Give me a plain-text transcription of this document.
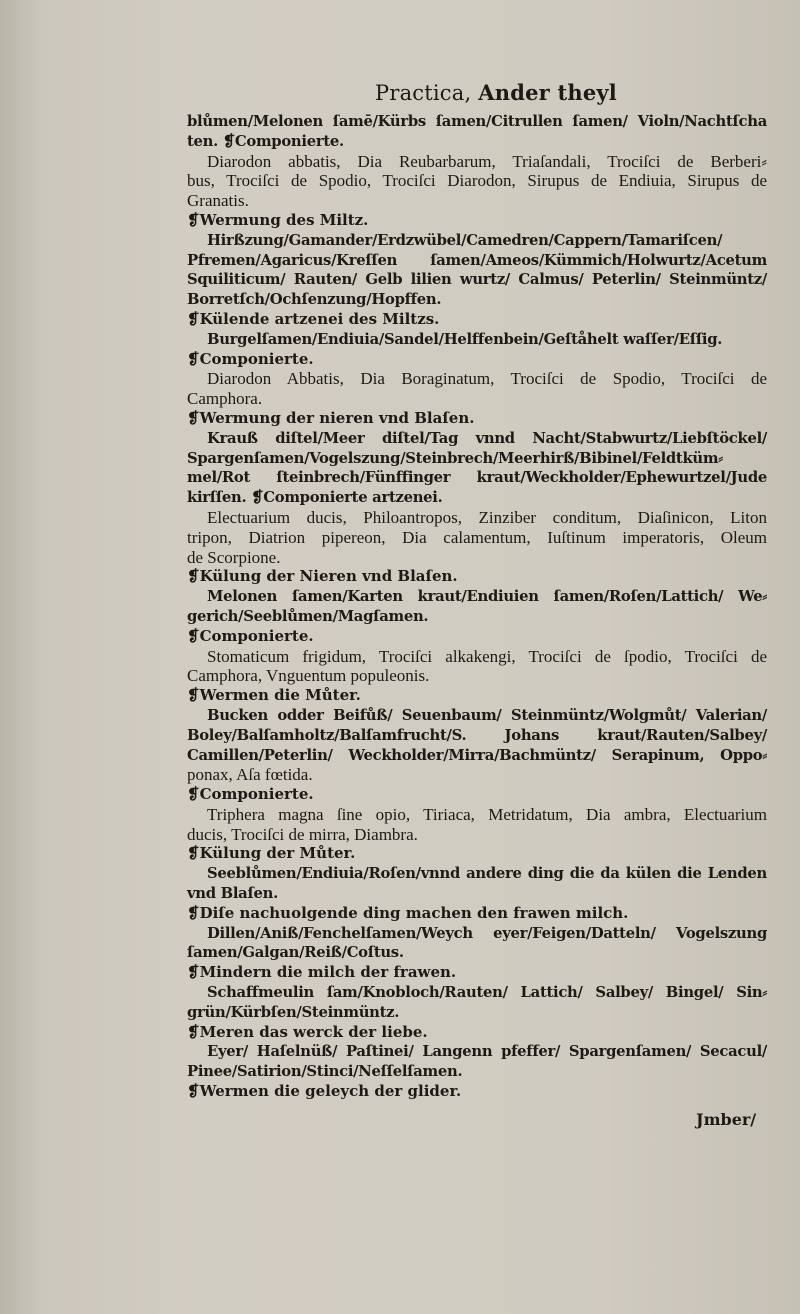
Practica, Ander theyl
blůmen/Melonen ſamē/Kürbs ſamen/Citrullen ſamen/ Violn/Nachtſcha
ten. ❡Componierte.
Diarodon abbatis, Dia Reubarbarum, Triaſandali, Trociſci de Berberi⸗
bus, Trociſci de Spodio, Trociſci Diarodon, Sirupus de Endiuia, Sirupus de
Granatis.
❡Wermung des Miltz.
Hirßzung/Gamander/Erdzwübel/Camedren/Cappern/Tamariſcen/
Pfremen/Agaricus/Kreſſen ſamen/Ameos/Kümmich/Holwurtz/Acetum
Squiliticum/ Rauten/ Gelb lilien wurtz/ Calmus/ Peterlin/ Steinmüntz/
Borretſch/Ochſenzung/Hopffen.
❡Külende artzenei des Miltzs.
Burgelſamen/Endiuia/Sandel/Helffenbein/Geſtåhelt waſſer/Eſſig.
❡Componierte.
Diarodon Abbatis, Dia Boraginatum, Trociſci de Spodio, Trociſci de
Camphora.
❡Wermung der nieren vnd Blaſen.
Krauß diſtel/Meer diſtel/Tag vnnd Nacht/Stabwurtz/Liebſtöckel/
Spargenſamen/Vogelszung/Steinbrech/Meerhirß/Bibinel/Feldtküm⸗
mel/Rot ſteinbrech/Fünffinger kraut/Weckholder/Ephewurtzel/Jude
kirſſen. ❡Componierte artzenei.
Electuarium ducis, Philoantropos, Zinziber conditum, Diaſinicon, Liton
tripon, Diatrion pipereon, Dia calamentum, Iuſtinum imperatoris, Oleum
de Scorpione.
❡Külung der Nieren vnd Blaſen.
Melonen ſamen/Karten kraut/Endiuien ſamen/Roſen/Lattich/ We⸗
gerich/Seeblůmen/Magſamen.
❡Componierte.
Stomaticum frigidum, Trociſci alkakengi, Trociſci de ſpodio, Trociſci de
Camphora, Vnguentum populeonis.
❡Wermen die Můter.
Bucken odder Beifůß/ Seuenbaum/ Steinmüntz/Wolgmůt/ Valerian/
Boley/Balſamholtz/Balſamfrucht/S. Johans kraut/Rauten/Salbey/
Camillen/Peterlin/ Weckholder/Mirra/Bachmüntz/ Serapinum, Oppo⸗
ponax, Aſa fœtida.
❡Componierte.
Triphera magna ſine opio, Tiriaca, Metridatum, Dia ambra, Electuarium
ducis, Trociſci de mirra, Diambra.
❡Külung der Můter.
Seeblůmen/Endiuia/Roſen/vnnd andere ding die da külen die Lenden
vnd Blaſen.
❡Diſe nachuolgende ding machen den frawen milch.
Dillen/Aniß/Fenchelſamen/Weych eyer/Feigen/Datteln/ Vogelszung
ſamen/Galgan/Reiß/Coſtus.
❡Mindern die milch der frawen.
Schaffmeulin ſam/Knobloch/Rauten/ Lattich/ Salbey/ Bingel/ Sin⸗
grün/Kürbſen/Steinmüntz.
❡Meren das werck der liebe.
Eyer/ Haſelnüß/ Paſtinei/ Langenn pfeffer/ Spargenſamen/ Secacul/
Pinee/Satirion/Stinci/Neſſelſamen.
❡Wermen die geleych der glider.
Jmber/
